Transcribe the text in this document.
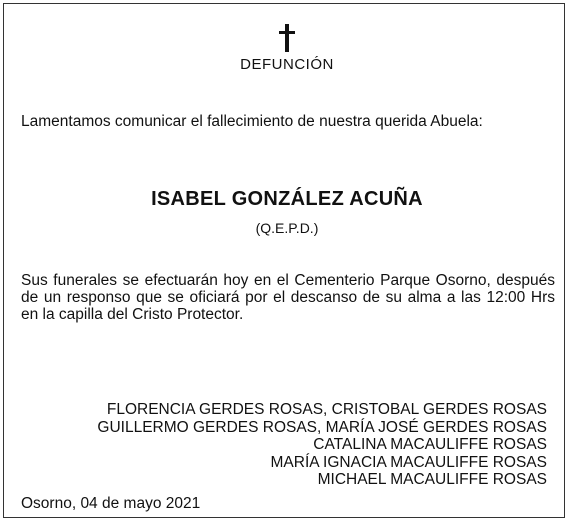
DEFUNCIÓN
Lamentamos comunicar el fallecimiento de nuestra querida Abuela:
ISABEL GONZÁLEZ ACUÑA
(Q.E.P.D.)
Sus funerales se efectuarán hoy en el Cementerio Parque Osorno, después de un responso que se oficiará por el descanso de su alma a las 12:00 Hrs en la capilla del Cristo Protector.
FLORENCIA GERDES ROSAS, CRISTOBAL GERDES ROSAS
GUILLERMO GERDES ROSAS, MARÍA JOSÉ GERDES ROSAS
CATALINA MACAULIFFE ROSAS
MARÍA IGNACIA MACAULIFFE ROSAS
MICHAEL MACAULIFFE ROSAS
Osorno, 04 de mayo 2021
